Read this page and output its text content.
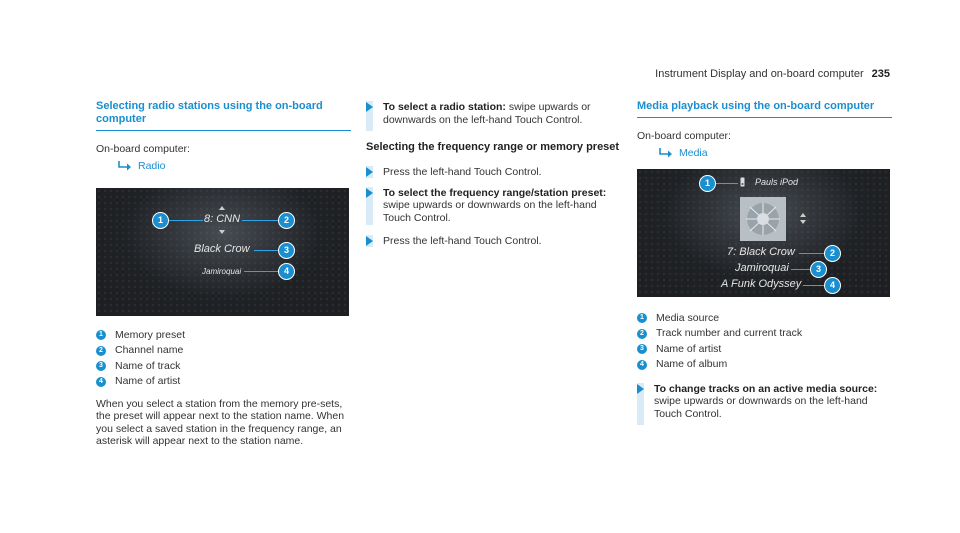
Instrument Display and on-board computer 235
Selecting radio stations using the on-board computer
On-board computer:
Radio
8: CNN
1	2
Black Crow	3
Jamiroquai	4
1 Memory preset
2 Channel name
3 Name of track
4 Name of artist
When you select a station from the memory pre-sets, the preset will appear next to the station name. When you select a saved station in the frequency range, an asterisk will appear next to the station name.
To select a radio station: swipe upwards or downwards on the left-hand Touch Control.
Selecting the frequency range or memory preset
Press the left-hand Touch Control.
To select the frequency range/station preset: swipe upwards or downwards on the left-hand Touch Control.
Press the left-hand Touch Control.
Media playback using the on-board computer
On-board computer:
Media
1	Pauls iPod
7: Black Crow	2
Jamiroquai	3
A Funk Odyssey	4
1 Media source
2 Track number and current track
3 Name of artist
4 Name of album
To change tracks on an active media source: swipe upwards or downwards on the left-hand Touch Control.
